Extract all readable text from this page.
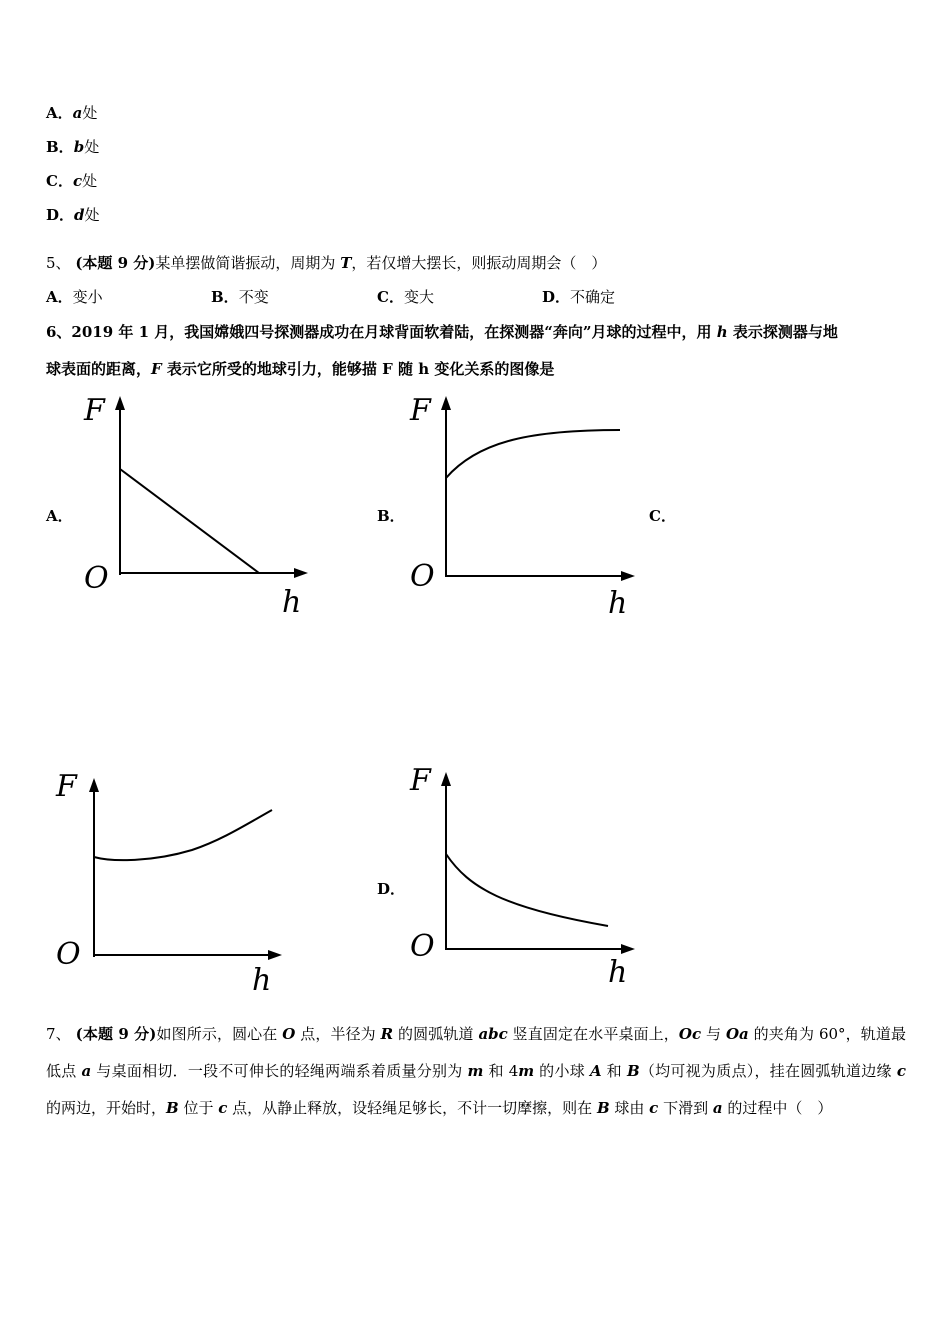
A．a处
B．b处
C．c处
D．d处
5、 (本题 9 分)某单摆做简谐振动，周期为 T，若仅增大摆长，则振动周期会（　）
A．变小	B．不变	C．变大	D．不确定
6、2019 年 1 月，我国嫦娥四号探测器成功在月球背面软着陆，在探测器“奔向”月球的过程中，用 h 表示探测器与地
球表面的距离，F 表示它所受的地球引力，能够描 F 随 h 变化关系的图像是
A．	B．	C．
D．
F
O
h
F
O
h
F
O
h
F
O
h
7、 (本题 9 分)如图所示，圆心在 O 点，半径为 R 的圆弧轨道 abc 竖直固定在水平桌面上，Oc 与 Oa 的夹角为 60°，轨道最低点 a 与桌面相切．一段不可伸长的轻绳两端系着质量分别为 m 和 4m 的小球 A 和 B（均可视为质点），挂在圆弧轨道边缘 c 的两边，开始时，B 位于 c 点，从静止释放，设轻绳足够长，不计一切摩擦，则在 B 球由 c 下滑到 a 的过程中（　）
